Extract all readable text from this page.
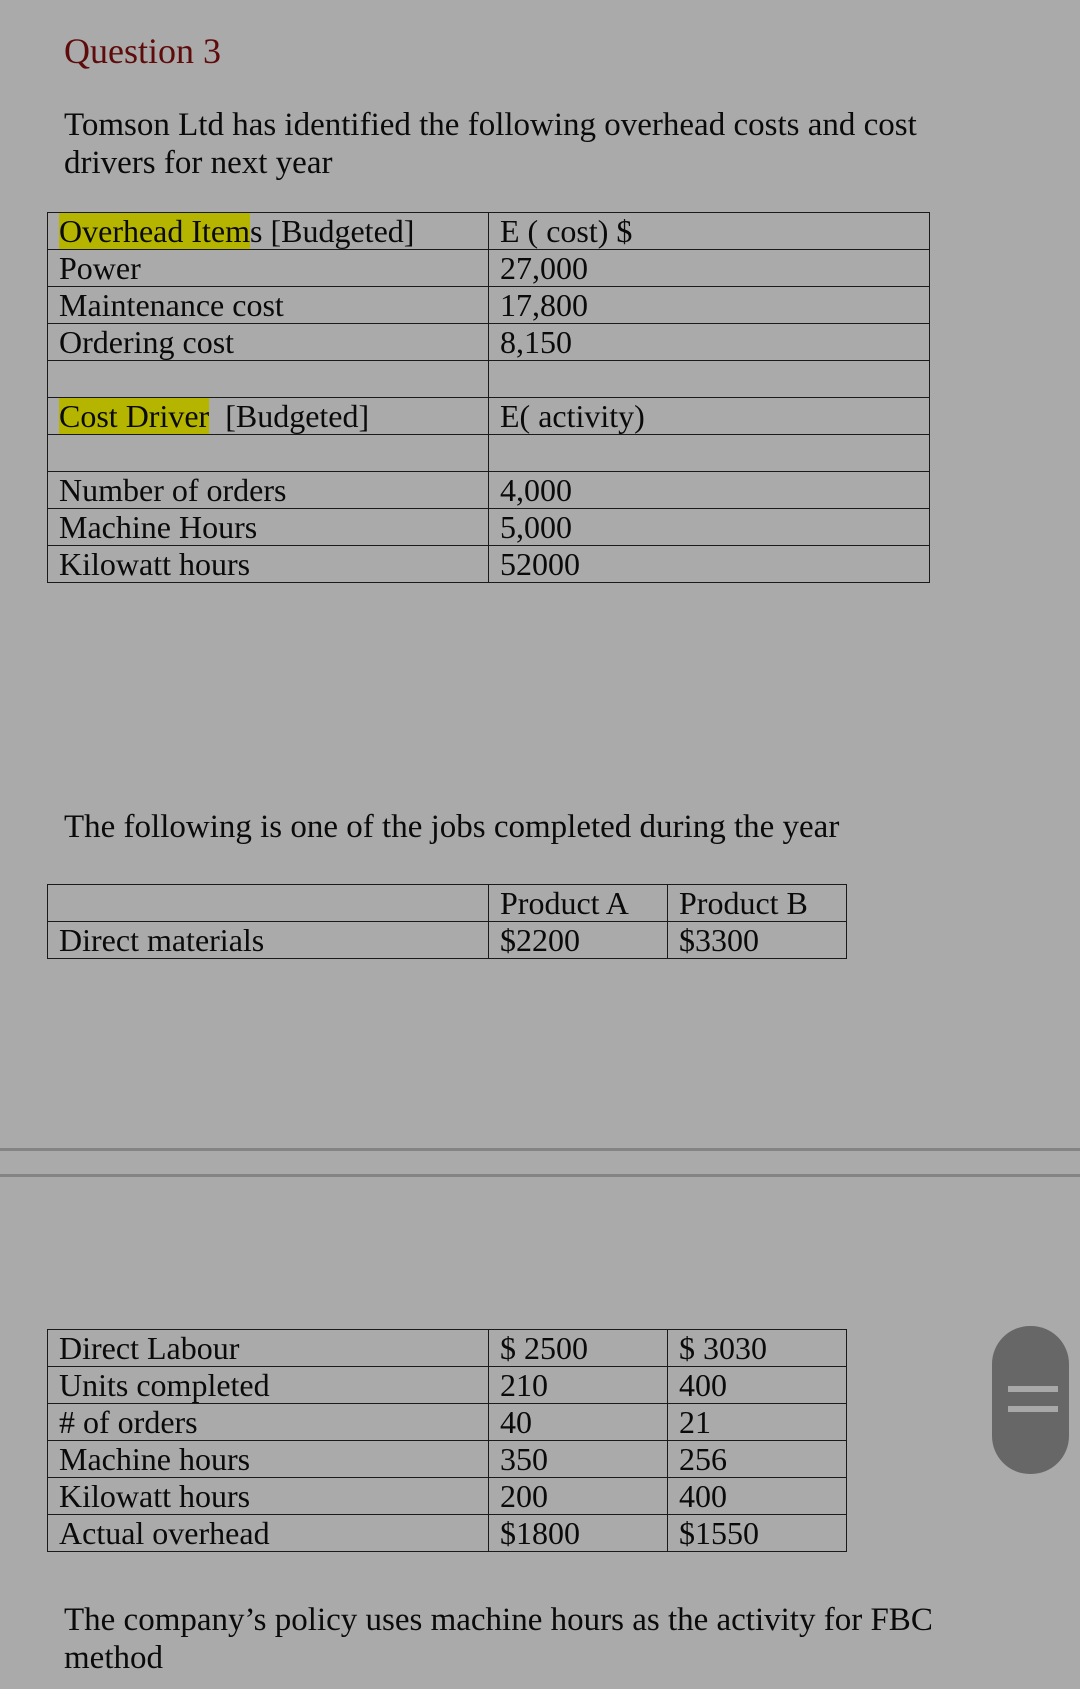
Question 3
Tomson Ltd has identified the following overhead costs and cost drivers for next year
Overhead Items [Budgeted]	E ( cost) $
Power	27,000
Maintenance cost	17,800
Ordering cost	8,150

Cost Driver  [Budgeted]	E( activity)

Number of orders	4,000
Machine Hours	5,000
Kilowatt hours	52000
The following is one of the jobs completed during the year
	Product A	Product B
Direct materials	$2200	$3300
Direct Labour	$ 2500	$ 3030
Units completed	210	400
# of orders	40	21
Machine hours	350	256
Kilowatt hours	200	400
Actual overhead	$1800	$1550
The company’s policy uses machine hours as the activity for FBC method
